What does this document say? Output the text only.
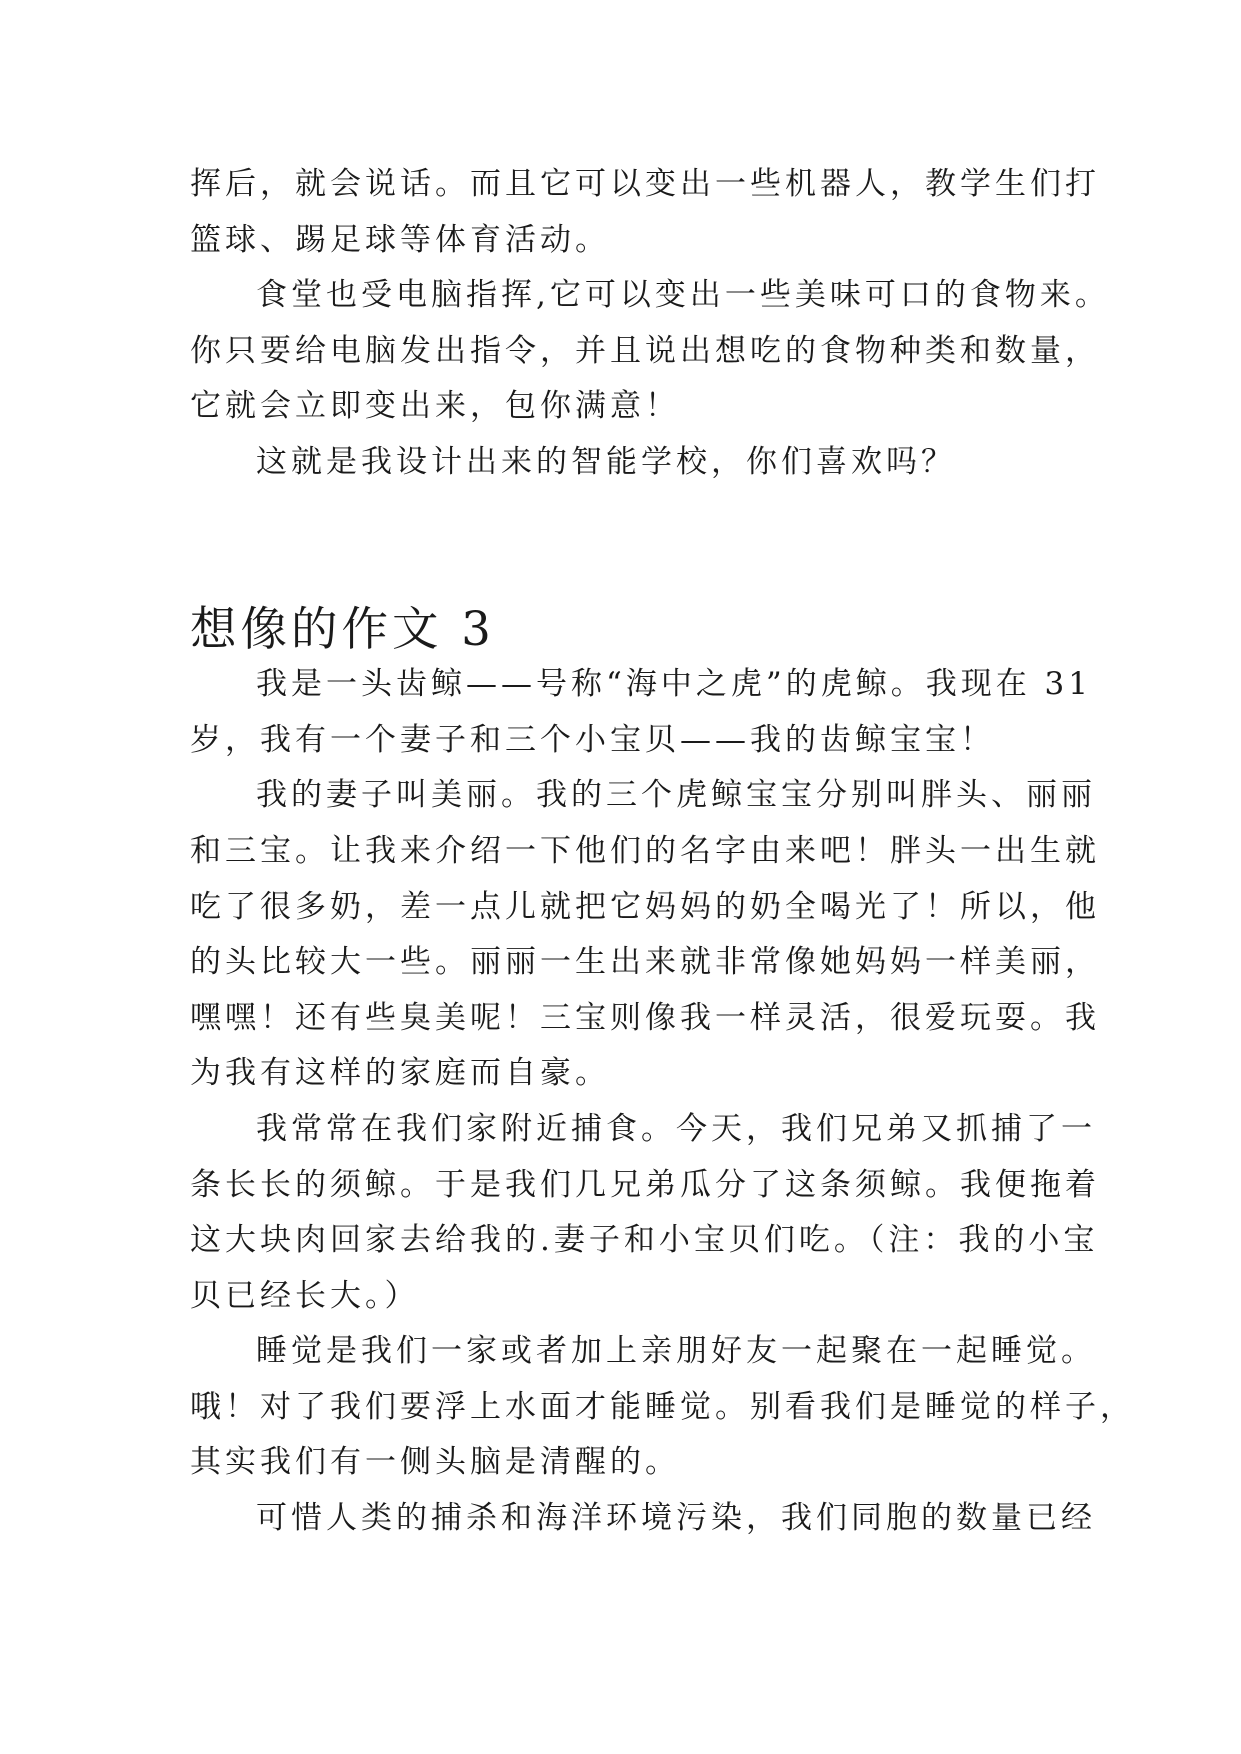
挥后，就会说话。而且它可以变出一些机器人，教学生们打
篮球、踢足球等体育活动。

食堂也受电脑指挥,它可以变出一些美味可口的食物来。
你只要给电脑发出指令，并且说出想吃的食物种类和数量，
它就会立即变出来，包你满意！

这就是我设计出来的智能学校，你们喜欢吗？

想像的作文 3

我是一头齿鲸——号称“海中之虎”的虎鲸。我现在 31
岁，我有一个妻子和三个小宝贝——我的齿鲸宝宝！

我的妻子叫美丽。我的三个虎鲸宝宝分别叫胖头、丽丽
和三宝。让我来介绍一下他们的名字由来吧！胖头一出生就
吃了很多奶，差一点儿就把它妈妈的奶全喝光了！所以，他
的头比较大一些。丽丽一生出来就非常像她妈妈一样美丽，
嘿嘿！还有些臭美呢！三宝则像我一样灵活，很爱玩耍。我
为我有这样的家庭而自豪。

我常常在我们家附近捕食。今天，我们兄弟又抓捕了一
条长长的须鲸。于是我们几兄弟瓜分了这条须鲸。我便拖着
这大块肉回家去给我的.妻子和小宝贝们吃。（注：我的小宝
贝已经长大。）

睡觉是我们一家或者加上亲朋好友一起聚在一起睡觉。
哦！对了我们要浮上水面才能睡觉。别看我们是睡觉的样子，
其实我们有一侧头脑是清醒的。

可惜人类的捕杀和海洋环境污染，我们同胞的数量已经
